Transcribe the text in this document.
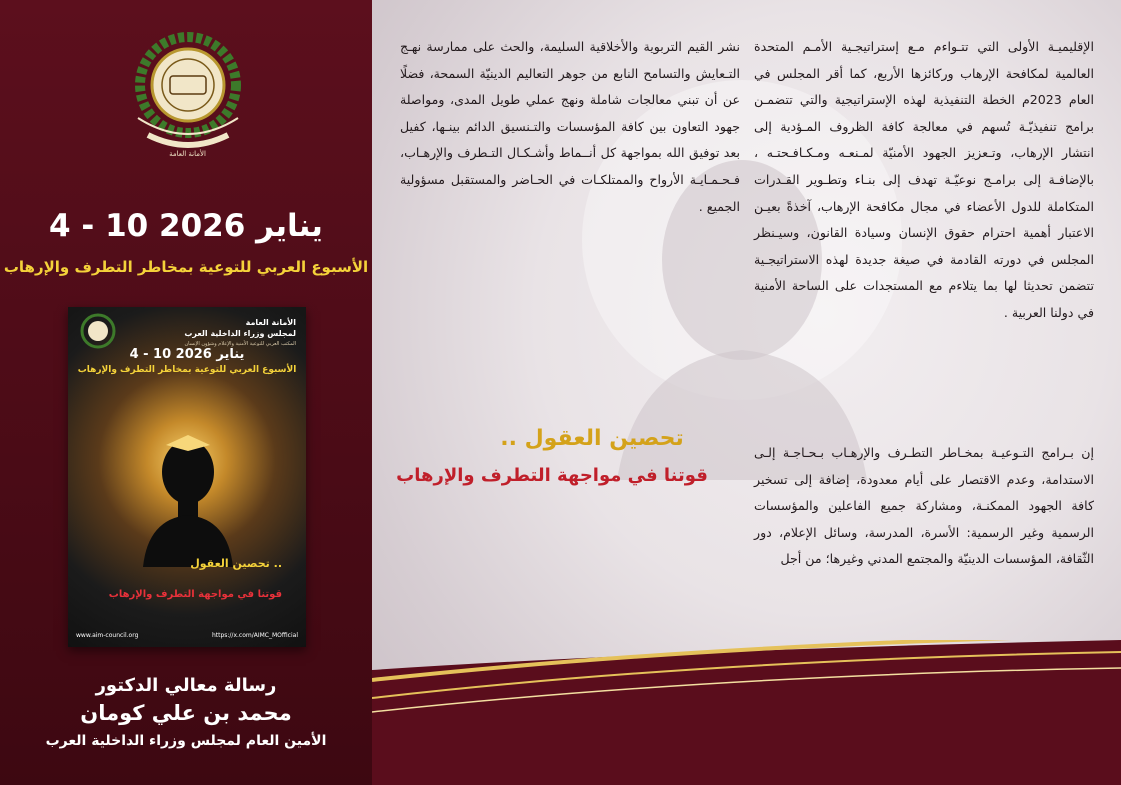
الأمانة العامة
4 - 10 يناير 2026
الأسبوع العربي للتوعية بمخاطر التطرف والإرهاب
الأمانة العامة
لمجلس وزراء الداخلية العرب
المكتب العربي للتوعية الأمنية والإعلام وشؤون الإنسان
4 - 10 يناير 2026
الأسبوع العربي للتوعية بمخاطر التطرف والإرهاب
تحصين العقول ..
قوتنا في مواجهة التطرف والإرهاب
www.aim-council.org	https://x.com/AIMC_MOfficial
رسالة معالي الدكتور
محمد بن علي كومان
الأمين العام لمجلس وزراء الداخلية العرب
الإقليميـة الأولى التي تتـواءم مـع إستراتيجـية الأمـم المتحدة العالمية لمكافحة الإرهاب وركائزها الأربع، كما أقر المجلس في العام 2023م الخطة التنفيذية لهذه الإستراتيجية والتي تتضمـن برامج تنفيذيّـة تُسهم في معالجة كافة الظروف المـؤدية إلى انتشار الإرهاب، وتـعزيز الجهود الأمنيّة لمـنعـه ومـكـافـحتـه ، بالإضافـة إلى برامـج نوعيّـة تهدف إلى بنـاء وتطـوير القـدرات المتكاملة للدول الأعضاء في مجال مكافحة الإرهاب، آخذةً بعيـن الاعتبار أهمية احترام حقوق الإنسان وسيادة القانون، وسيـنظر المجلس في دورته القادمة في صيغة جديدة لهذه الاستراتيجـية تتضمن تحديثا لها بما يتلاءم مع المستجدات على الساحة الأمنية في دولنا العربية .
نشر القيم التربوية والأخلاقية السليمة، والحث على ممارسة نهـج التـعايش والتسامح النابع من جوهر التعاليم الدينيّة السمحة، فضلًا عن أن تبني معالجات شاملة ونهج عملي طويل المدى، ومواصلة جهود التعاون بين كافة المؤسسات والتـنسيق الدائم بينـها، كفيل بعد توفيق الله بمواجهة كل أنــماط وأشـكـال التـطرف والإرهـاب، فـحـمـايـة الأرواح والممتلكـات في الحـاضر والمستقبل مسؤولية الجميع .
إن بـرامج التـوعيـة بمخـاطر التطـرف والإرهـاب بـحـاجـة إلـى الاستدامة، وعدم الاقتصار على أيام معدودة، إضافة إلى تسخير كافة الجهود الممكنـة، ومشاركة جميع الفاعلين والمؤسسات الرسمية وغير الرسمية: الأسرة، المدرسة، وسائل الإعلام، دور الثّقافة، المؤسسات الدينيّة والمجتمع المدني وغيرها؛ من أجل
تحصين العقول ..
قوتنا في مواجهة التطرف والإرهاب
